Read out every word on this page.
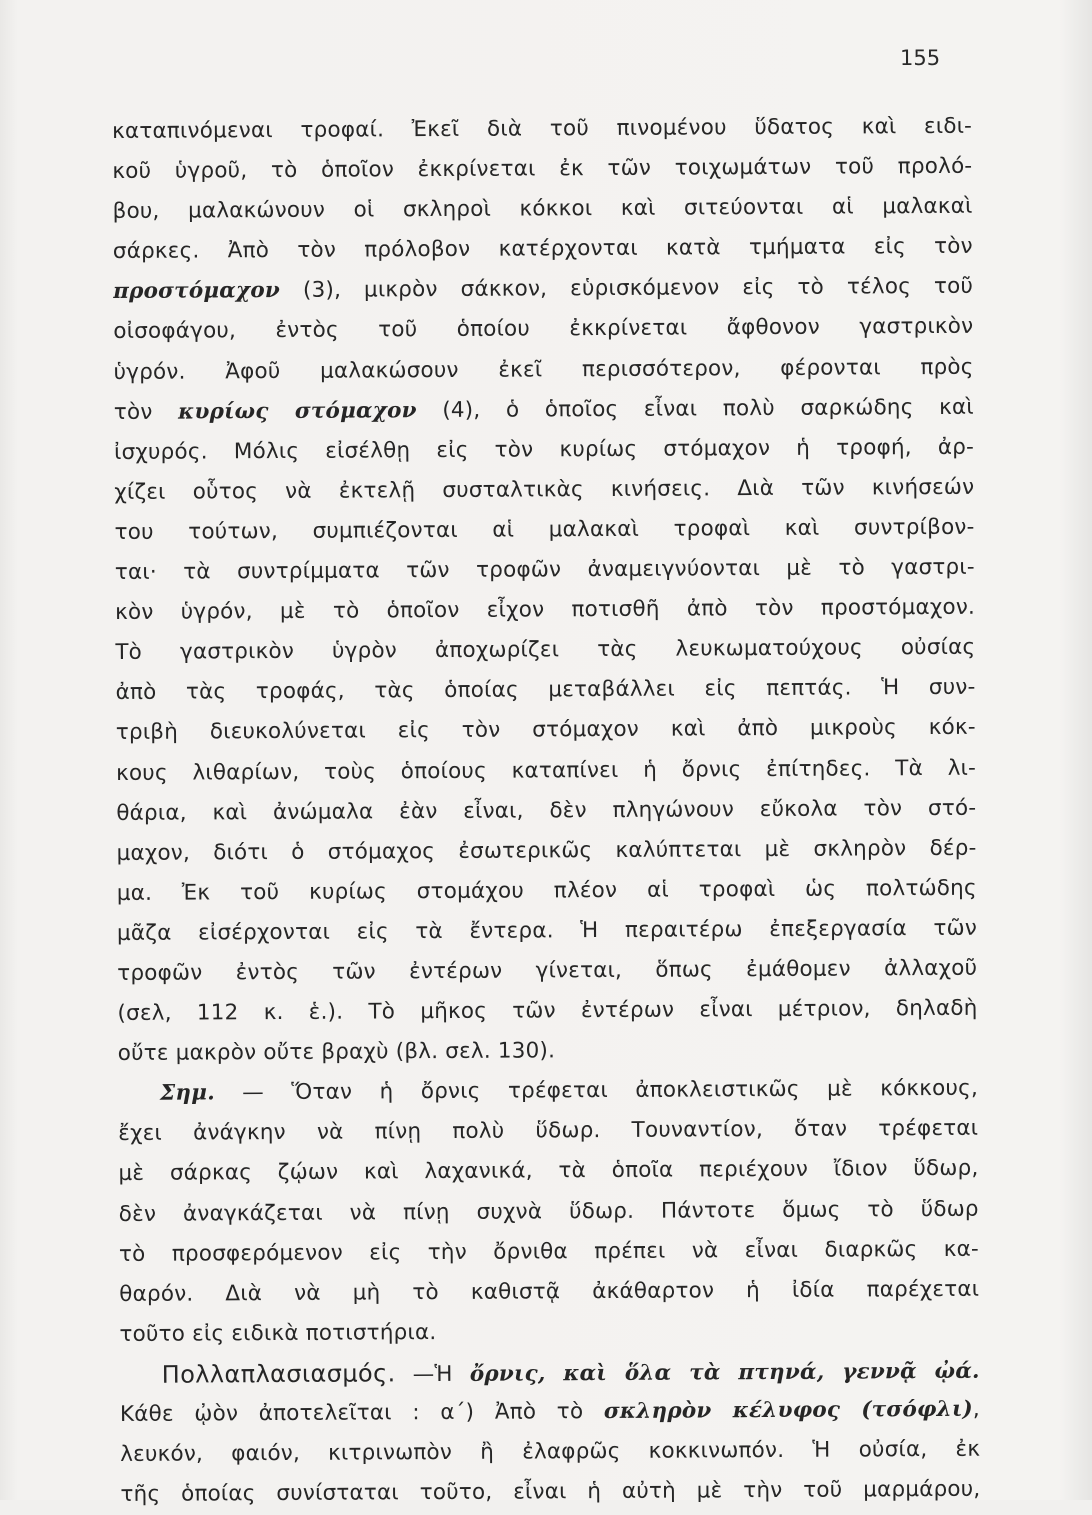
155
καταπινόμεναι τροφαί. Ἐκεῖ διὰ τοῦ πινομένου ὕδατος καὶ ειδι-
κοῦ ὑγροῦ, τὸ ὁποῖον ἐκκρίνεται ἐκ τῶν τοιχωμάτων τοῦ προλό-
βου, μαλακώνουν οἱ σκληροὶ κόκκοι καὶ σιτεύονται αἱ μαλακαὶ
σάρκες. Ἀπὸ τὸν πρόλοβον κατέρχονται κατὰ τμήματα εἰς τὸν
προστόμαχον (3), μικρὸν σάκκον, εὑρισκόμενον εἰς τὸ τέλος τοῦ
οἰσοφάγου, ἐντὸς τοῦ ὁποίου ἐκκρίνεται ἄφθονον γαστρικὸν
ὑγρόν. Ἀφοῦ μαλακώσουν ἐκεῖ περισσότερον, φέρονται πρὸς
τὸν κυρίως στόμαχον (4), ὁ ὁποῖος εἶναι πολὺ σαρκώδης καὶ
ἰσχυρός. Μόλις εἰσέλθῃ εἰς τὸν κυρίως στόμαχον ἡ τροφή, ἀρ-
χίζει οὗτος νὰ ἐκτελῇ συσταλτικὰς κινήσεις. Διὰ τῶν κινήσεών
του τούτων, συμπιέζονται αἱ μαλακαὶ τροφαὶ καὶ συντρίβον-
ται· τὰ συντρίμματα τῶν τροφῶν ἀναμειγνύονται μὲ τὸ γαστρι-
κὸν ὑγρόν, μὲ τὸ ὁποῖον εἶχον ποτισθῆ ἀπὸ τὸν προστόμαχον.
Τὸ γαστρικὸν ὑγρὸν ἀποχωρίζει τὰς λευκωματούχους οὐσίας
ἀπὸ τὰς τροφάς, τὰς ὁποίας μεταβάλλει εἰς πεπτάς. Ἡ συν-
τριβὴ διευκολύνεται εἰς τὸν στόμαχον καὶ ἀπὸ μικροὺς κόκ-
κους λιθαρίων, τοὺς ὁποίους καταπίνει ἡ ὄρνις ἐπίτηδες. Τὰ λι-
θάρια, καὶ ἀνώμαλα ἐὰν εἶναι, δὲν πληγώνουν εὔκολα τὸν στό-
μαχον, διότι ὁ στόμαχος ἐσωτερικῶς καλύπτεται μὲ σκληρὸν δέρ-
μα. Ἐκ τοῦ κυρίως στομάχου πλέον αἱ τροφαὶ ὡς πολτώδης
μᾶζα εἰσέρχονται εἰς τὰ ἔντερα. Ἡ περαιτέρω ἐπεξεργασία τῶν
τροφῶν ἐντὸς τῶν ἐντέρων γίνεται, ὅπως ἐμάθομεν ἀλλαχοῦ
(σελ, 112 κ. ἑ.). Τὸ μῆκος τῶν ἐντέρων εἶναι μέτριον, δηλαδὴ
οὔτε μακρὸν οὔτε βραχὺ (βλ. σελ. 130).
Σημ. — Ὅταν ἡ ὄρνις τρέφεται ἀποκλειστικῶς μὲ κόκκους,
ἔχει ἀνάγκην νὰ πίνῃ πολὺ ὕδωρ. Τουναντίον, ὅταν τρέφεται
μὲ σάρκας ζῴων καὶ λαχανικά, τὰ ὁποῖα περιέχουν ἴδιον ὕδωρ,
δὲν ἀναγκάζεται νὰ πίνῃ συχνὰ ὕδωρ. Πάντοτε ὅμως τὸ ὕδωρ
τὸ προσφερόμενον εἰς τὴν ὄρνιθα πρέπει νὰ εἶναι διαρκῶς κα-
θαρόν. Διὰ νὰ μὴ τὸ καθιστᾷ ἀκάθαρτον ἡ ἰδία παρέχεται
τοῦτο εἰς ειδικὰ ποτιστήρια.
Πολλαπλασιασμός. —Ἡ ὄρνις, καὶ ὅλα τὰ πτηνά, γεννᾷ ᾠά.
Κάθε ᾠὸν ἀποτελεῖται : α΄) Ἀπὸ τὸ σκληρὸν κέλυφος (τσόφλι),
λευκόν, φαιόν, κιτρινωπὸν ἢ ἐλαφρῶς κοκκινωπόν. Ἡ οὐσία, ἐκ
τῆς ὁποίας συνίσταται τοῦτο, εἶναι ἡ αὐτὴ μὲ τὴν τοῦ μαρμάρου,
